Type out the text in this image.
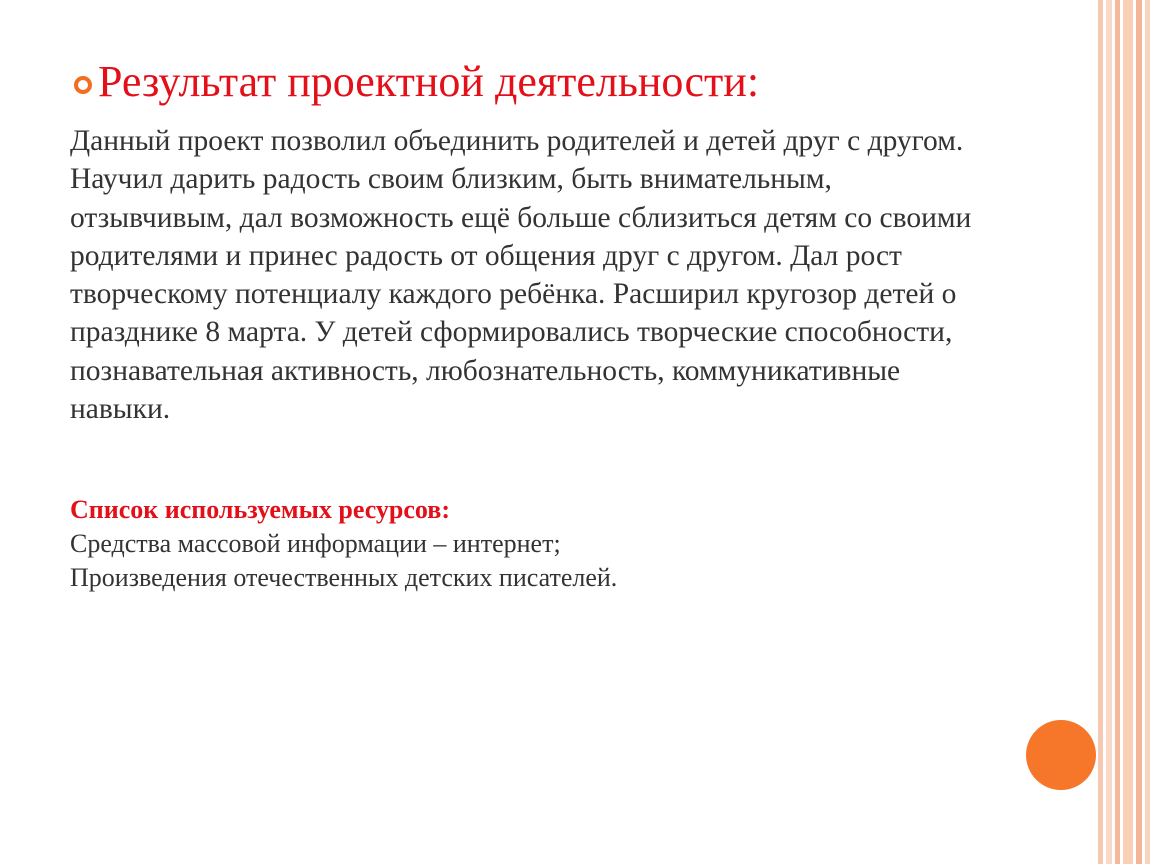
Результат проектной деятельности:
Данный проект позволил объединить родителей и детей друг с другом. Научил дарить радость своим близким, быть внимательным, отзывчивым, дал возможность ещё больше сблизиться детям со своими родителями и принес радость от общения друг с другом. Дал рост творческому потенциалу каждого ребёнка. Расширил кругозор детей о празднике 8 марта. У детей сформировались творческие способности, познавательная активность, любознательность, коммуникативные навыки.
Список используемых ресурсов:
Средства массовой информации – интернет;
Произведения отечественных детских писателей.
